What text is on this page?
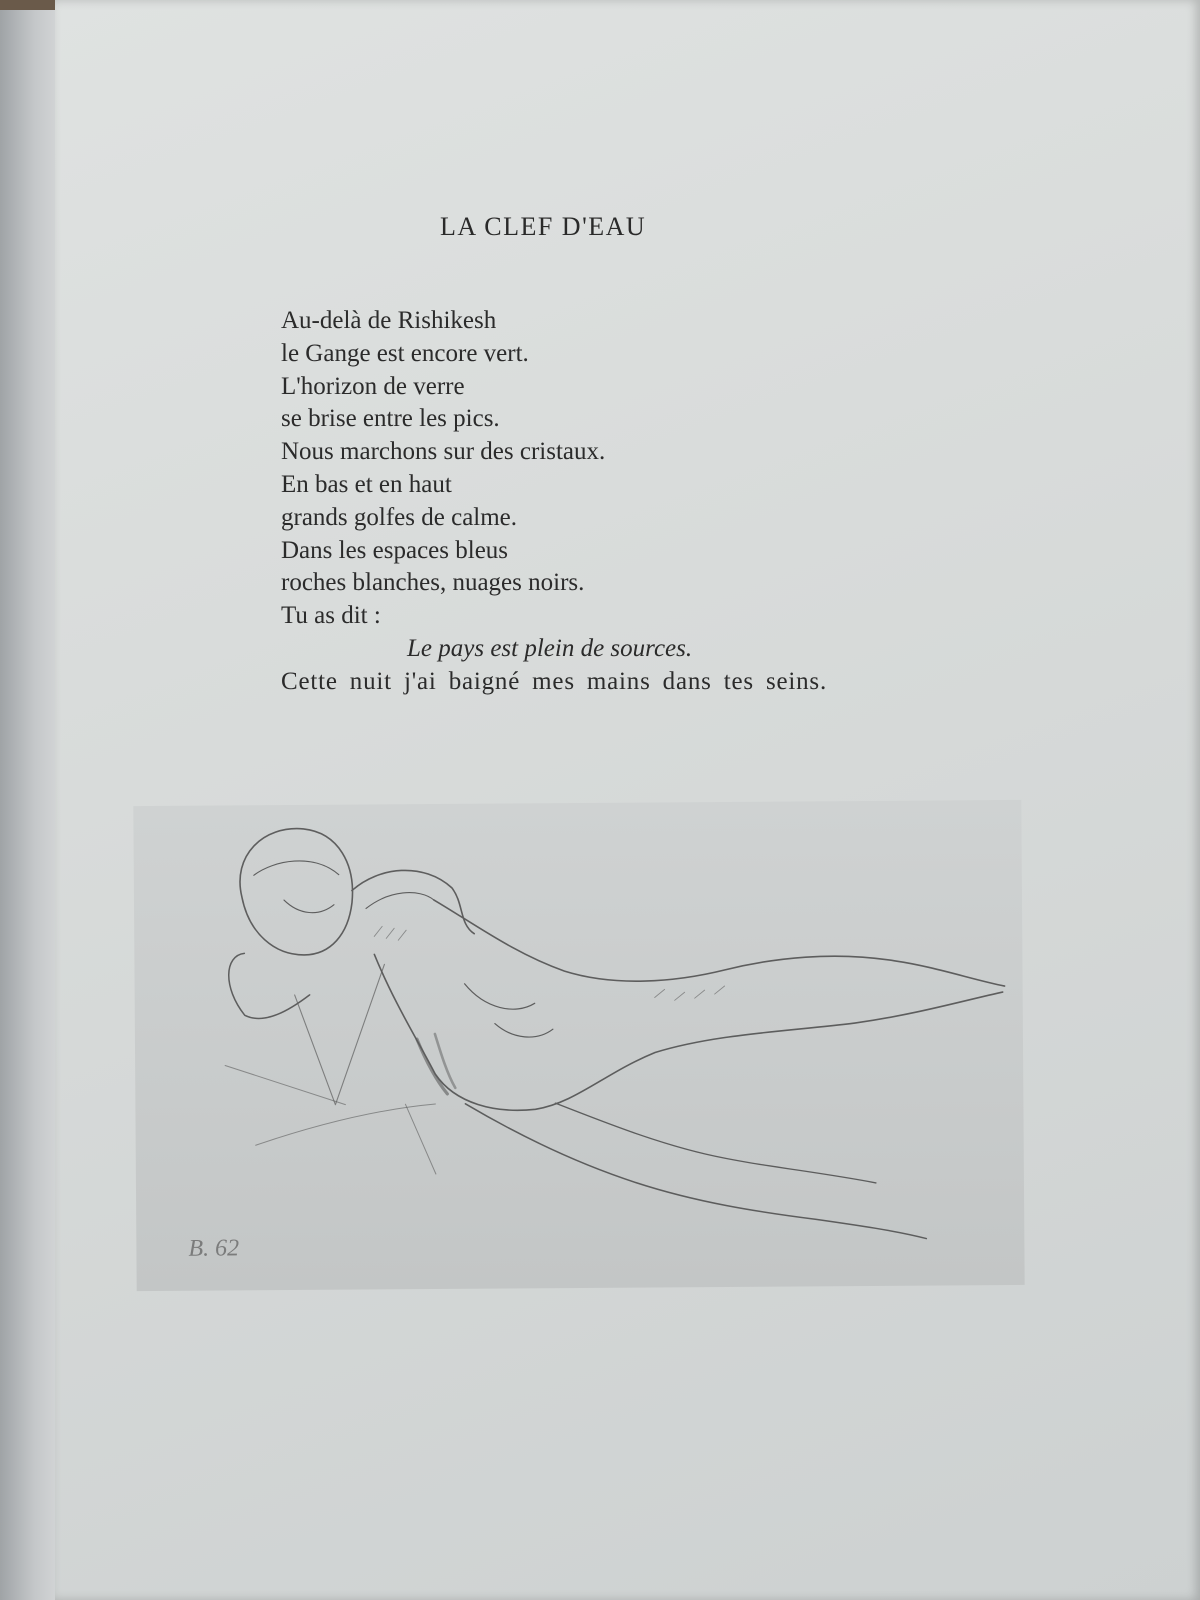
LA CLEF D'EAU
Au-delà de Rishikesh
le Gange est encore vert.
L'horizon de verre
se brise entre les pics.
Nous marchons sur des cristaux.
En bas et en haut
grands golfes de calme.
Dans les espaces bleus
roches blanches, nuages noirs.
Tu as dit :
Le pays est plein de sources.
Cette nuit j'ai baigné mes mains dans tes seins.
B. 62
